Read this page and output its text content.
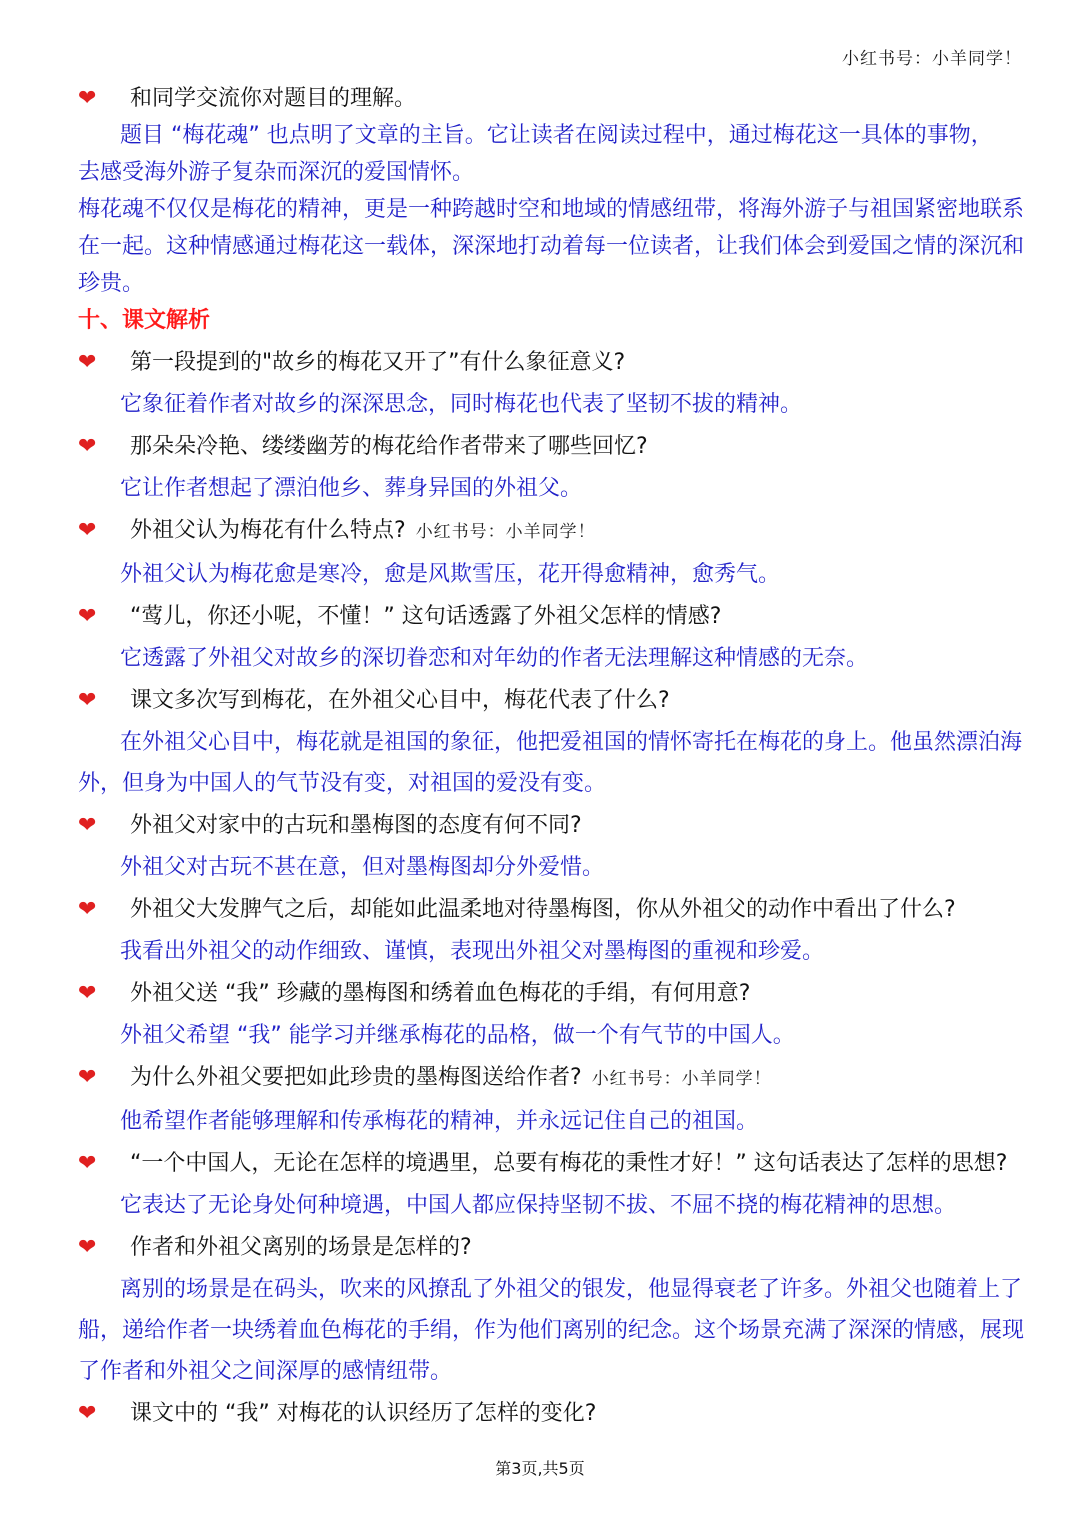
小红书号：小羊同学！
❤ 和同学交流你对题目的理解。
题目 “梅花魂” 也点明了文章的主旨。它让读者在阅读过程中，通过梅花这一具体的事物，
去感受海外游子复杂而深沉的爱国情怀。
梅花魂不仅仅是梅花的精神，更是一种跨越时空和地域的情感纽带，将海外游子与祖国紧密地联系
在一起。这种情感通过梅花这一载体，深深地打动着每一位读者，让我们体会到爱国之情的深沉和
珍贵。
十、课文解析
❤ 第一段提到的"故乡的梅花又开了”有什么象征意义?
它象征着作者对故乡的深深思念，同时梅花也代表了坚韧不拔的精神。
❤ 那朵朵冷艳、缕缕幽芳的梅花给作者带来了哪些回忆?
它让作者想起了漂泊他乡、葬身异国的外祖父。
❤ 外祖父认为梅花有什么特点? 小红书号：小羊同学！
外祖父认为梅花愈是寒冷，愈是风欺雪压，花开得愈精神，愈秀气。
❤ “莺儿，你还小呢，不懂！” 这句话透露了外祖父怎样的情感?
它透露了外祖父对故乡的深切眷恋和对年幼的作者无法理解这种情感的无奈。
❤ 课文多次写到梅花，在外祖父心目中，梅花代表了什么?
在外祖父心目中，梅花就是祖国的象征，他把爱祖国的情怀寄托在梅花的身上。他虽然漂泊海
外，但身为中国人的气节没有变，对祖国的爱没有变。
❤ 外祖父对家中的古玩和墨梅图的态度有何不同?
外祖父对古玩不甚在意，但对墨梅图却分外爱惜。
❤ 外祖父大发脾气之后，却能如此温柔地对待墨梅图，你从外祖父的动作中看出了什么?
我看出外祖父的动作细致、谨慎，表现出外祖父对墨梅图的重视和珍爱。
❤ 外祖父送 “我” 珍藏的墨梅图和绣着血色梅花的手绢，有何用意?
外祖父希望 “我” 能学习并继承梅花的品格，做一个有气节的中国人。
❤ 为什么外祖父要把如此珍贵的墨梅图送给作者? 小红书号：小羊同学！
他希望作者能够理解和传承梅花的精神，并永远记住自己的祖国。
❤ “一个中国人，无论在怎样的境遇里，总要有梅花的秉性才好！” 这句话表达了怎样的思想?
它表达了无论身处何种境遇，中国人都应保持坚韧不拔、不屈不挠的梅花精神的思想。
❤ 作者和外祖父离别的场景是怎样的?
离别的场景是在码头，吹来的风撩乱了外祖父的银发，他显得衰老了许多。外祖父也随着上了
船，递给作者一块绣着血色梅花的手绢，作为他们离别的纪念。这个场景充满了深深的情感，展现
了作者和外祖父之间深厚的感情纽带。
❤ 课文中的 “我” 对梅花的认识经历了怎样的变化?
第3页,共5页
